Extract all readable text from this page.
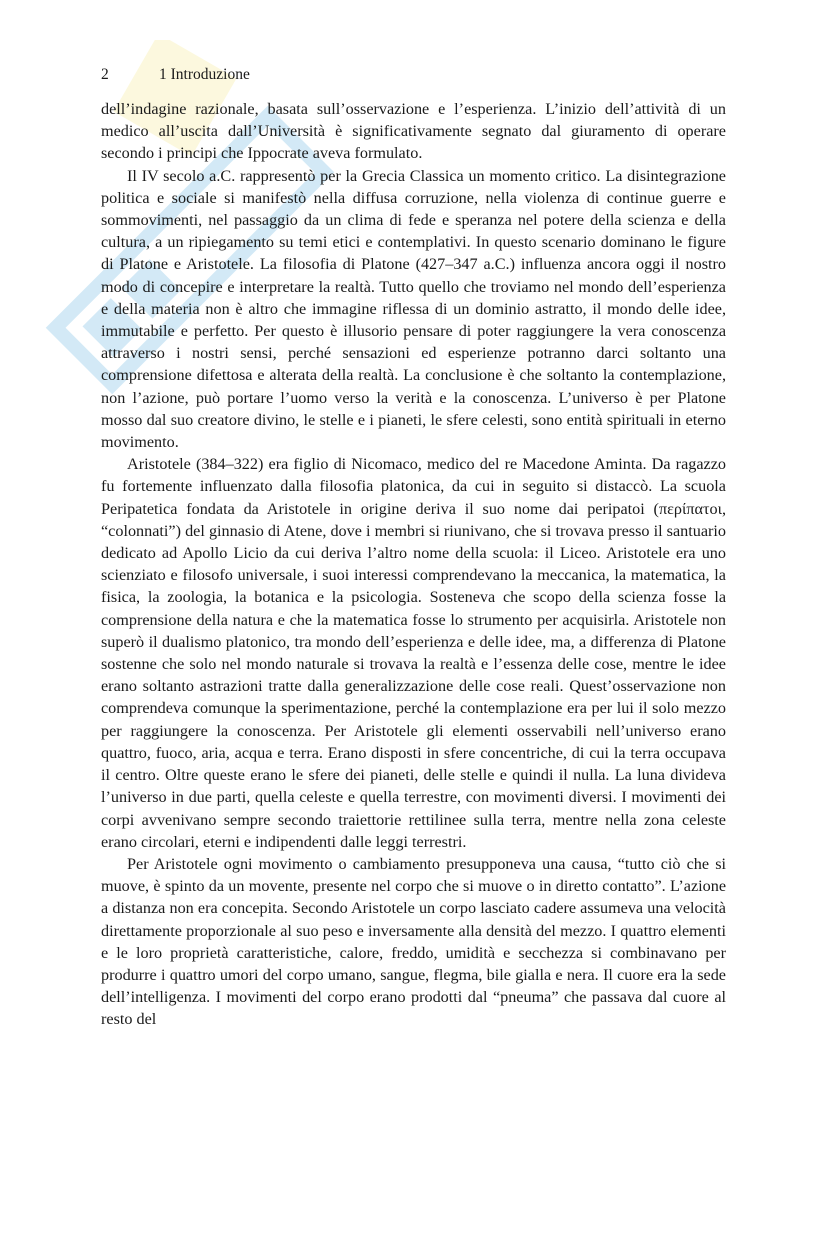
2	1 Introduzione

dell’indagine razionale, basata sull’osservazione e l’esperienza. L’inizio dell’attività di un medico all’uscita dall’Università è significativamente segnato dal giuramento di operare secondo i principi che Ippocrate aveva formulato.

Il IV secolo a.C. rappresentò per la Grecia Classica un momento critico. La disintegrazione politica e sociale si manifestò nella diffusa corruzione, nella violenza di continue guerre e sommovimenti, nel passaggio da un clima di fede e speranza nel potere della scienza e della cultura, a un ripiegamento su temi etici e contemplativi. In questo scenario dominano le figure di Platone e Aristotele. La filosofia di Platone (427–347 a.C.) influenza ancora oggi il nostro modo di concepire e interpretare la realtà. Tutto quello che troviamo nel mondo dell’esperienza e della materia non è altro che immagine riflessa di un dominio astratto, il mondo delle idee, immutabile e perfetto. Per questo è illusorio pensare di poter raggiungere la vera conoscenza attraverso i nostri sensi, perché sensazioni ed esperienze potranno darci soltanto una comprensione difettosa e alterata della realtà. La conclusione è che soltanto la contemplazione, non l’azione, può portare l’uomo verso la verità e la conoscenza. L’universo è per Platone mosso dal suo creatore divino, le stelle e i pianeti, le sfere celesti, sono entità spirituali in eterno movimento.

Aristotele (384–322) era figlio di Nicomaco, medico del re Macedone Aminta. Da ragazzo fu fortemente influenzato dalla filosofia platonica, da cui in seguito si distaccò. La scuola Peripatetica fondata da Aristotele in origine deriva il suo nome dai peripatoi (περίπατοι, “colonnati”) del ginnasio di Atene, dove i membri si riunivano, che si trovava presso il santuario dedicato ad Apollo Licio da cui deriva l’altro nome della scuola: il Liceo. Aristotele era uno scienziato e filosofo universale, i suoi interessi comprendevano la meccanica, la matematica, la fisica, la zoologia, la botanica e la psicologia. Sosteneva che scopo della scienza fosse la comprensione della natura e che la matematica fosse lo strumento per acquisirla. Aristotele non superò il dualismo platonico, tra mondo dell’esperienza e delle idee, ma, a differenza di Platone sostenne che solo nel mondo naturale si trovava la realtà e l’essenza delle cose, mentre le idee erano soltanto astrazioni tratte dalla generalizzazione delle cose reali. Quest’osservazione non comprendeva comunque la sperimentazione, perché la contemplazione era per lui il solo mezzo per raggiungere la conoscenza. Per Aristotele gli elementi osservabili nell’universo erano quattro, fuoco, aria, acqua e terra. Erano disposti in sfere concentriche, di cui la terra occupava il centro. Oltre queste erano le sfere dei pianeti, delle stelle e quindi il nulla. La luna divideva l’universo in due parti, quella celeste e quella terrestre, con movimenti diversi. I movimenti dei corpi avvenivano sempre secondo traiettorie rettilinee sulla terra, mentre nella zona celeste erano circolari, eterni e indipendenti dalle leggi terrestri.

Per Aristotele ogni movimento o cambiamento presupponeva una causa, “tutto ciò che si muove, è spinto da un movente, presente nel corpo che si muove o in diretto contatto”. L’azione a distanza non era concepita. Secondo Aristotele un corpo lasciato cadere assumeva una velocità direttamente proporzionale al suo peso e inversamente alla densità del mezzo. I quattro elementi e le loro proprietà caratteristiche, calore, freddo, umidità e secchezza si combinavano per produrre i quattro umori del corpo umano, sangue, flegma, bile gialla e nera. Il cuore era la sede dell’intelligenza. I movimenti del corpo erano prodotti dal “pneuma” che passava dal cuore al resto del
